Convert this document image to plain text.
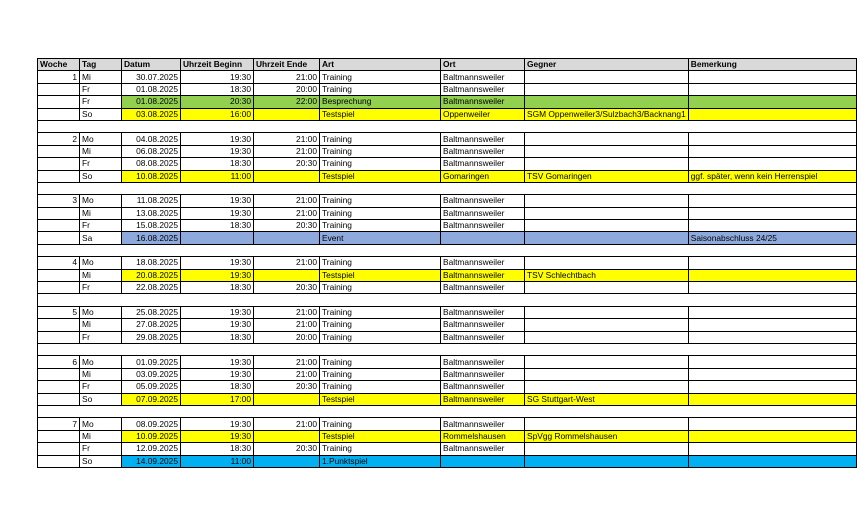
Woche	Tag	Datum	Uhrzeit Beginn	Uhrzeit Ende	Art	Ort	Gegner	Bemerkung
1	Mi	30.07.2025	19:30	21:00	Training	Baltmannsweiler		
	Fr	01.08.2025	18:30	20:00	Training	Baltmannsweiler		
	Fr	01.08.2025	20:30	22:00	Besprechung	Baltmannsweiler		
	So	03.08.2025	16:00		Testspiel	Oppenweiler	SGM Oppenweiler3/Sulzbach3/Backnang1	

2	Mo	04.08.2025	19:30	21:00	Training	Baltmannsweiler		
	Mi	06.08.2025	19:30	21:00	Training	Baltmannsweiler		
	Fr	08.08.2025	18:30	20:30	Training	Baltmannsweiler		
	So	10.08.2025	11:00		Testspiel	Gomaringen	TSV Gomaringen	ggf. später, wenn kein Herrenspiel

3	Mo	11.08.2025	19:30	21:00	Training	Baltmannsweiler		
	Mi	13.08.2025	19:30	21:00	Training	Baltmannsweiler		
	Fr	15.08.2025	18:30	20:30	Training	Baltmannsweiler		
	Sa	16.08.2025			Event			Saisonabschluss 24/25

4	Mo	18.08.2025	19:30	21:00	Training	Baltmannsweiler		
	Mi	20.08.2025	19:30		Testspiel	Baltmannsweiler	TSV Schlechtbach	
	Fr	22.08.2025	18:30	20:30	Training	Baltmannsweiler		

5	Mo	25.08.2025	19:30	21:00	Training	Baltmannsweiler		
	Mi	27.08.2025	19:30	21:00	Training	Baltmannsweiler		
	Fr	29.08.2025	18:30	20:00	Training	Baltmannsweiler		

6	Mo	01.09.2025	19:30	21:00	Training	Baltmannsweiler		
	Mi	03.09.2025	19:30	21:00	Training	Baltmannsweiler		
	Fr	05.09.2025	18:30	20:30	Training	Baltmannsweiler		
	So	07.09.2025	17:00		Testspiel	Baltmannsweiler	SG Stuttgart-West	

7	Mo	08.09.2025	19:30	21:00	Training	Baltmannsweiler		
	Mi	10.09.2025	19:30		Testspiel	Rommelshausen	SpVgg Rommelshausen	
	Fr	12.09.2025	18:30	20:30	Training	Baltmannsweiler		
	So	14.09.2025	11:00		1.Punktspiel			
